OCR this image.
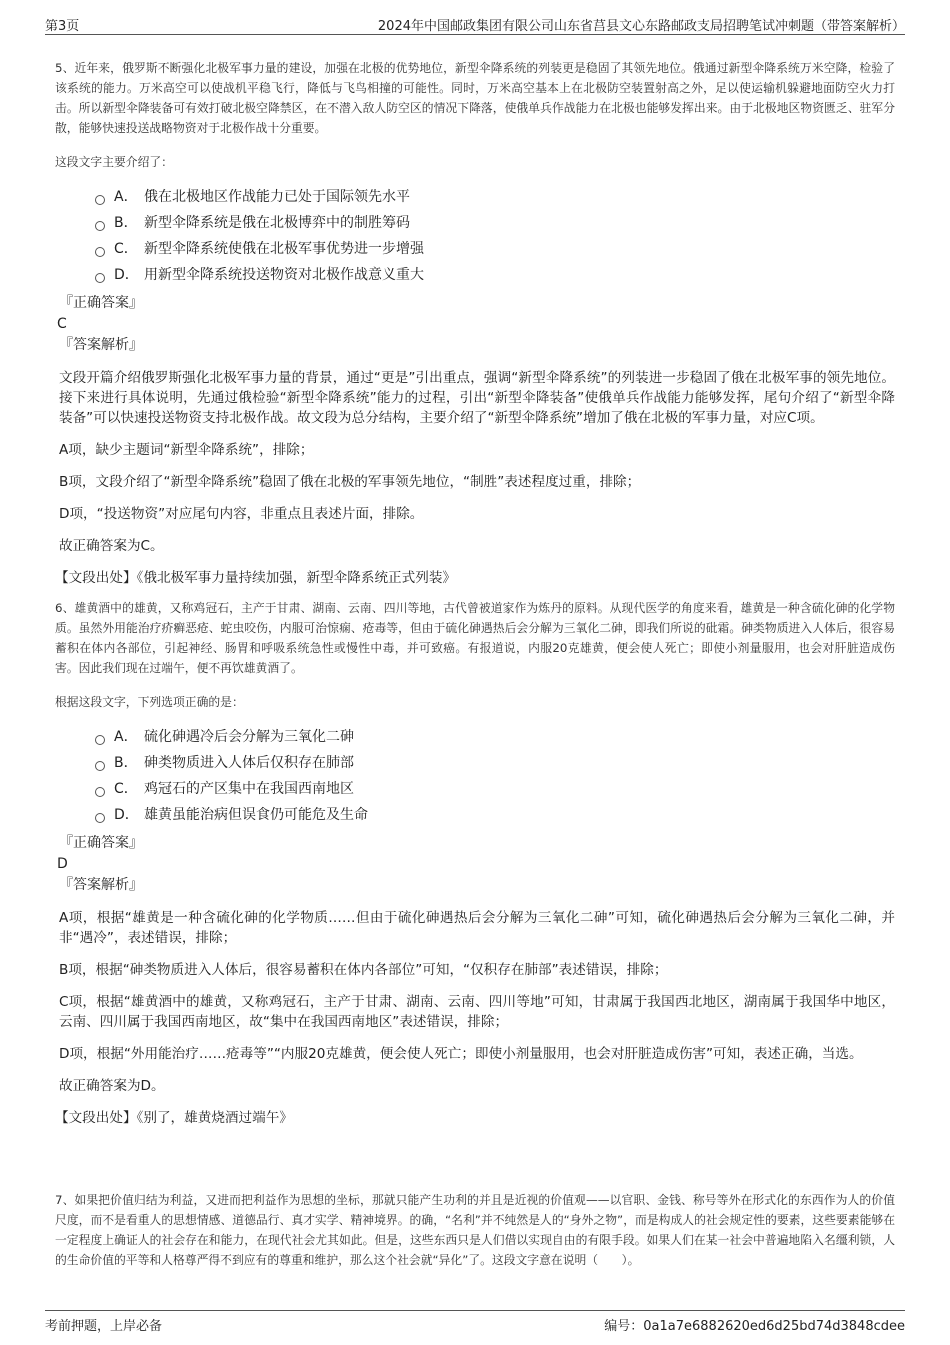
第3页	2024年中国邮政集团有限公司山东省莒县文心东路邮政支局招聘笔试冲刺题（带答案解析）

5、近年来，俄罗斯不断强化北极军事力量的建设，加强在北极的优势地位，新型伞降系统的列装更是稳固了其领先地位。俄通过新型伞降系统万米空降，检验了该系统的能力。万米高空可以使战机平稳飞行，降低与飞鸟相撞的可能性。同时，万米高空基本上在北极防空装置射高之外，足以使运输机躲避地面防空火力打击。所以新型伞降装备可有效打破北极空降禁区，在不潜入敌人防空区的情况下降落，使俄单兵作战能力在北极也能够发挥出来。由于北极地区物资匮乏、驻军分散，能够快速投送战略物资对于北极作战十分重要。

这段文字主要介绍了：

A． 俄在北极地区作战能力已处于国际领先水平
B． 新型伞降系统是俄在北极博弈中的制胜筹码
C． 新型伞降系统使俄在北极军事优势进一步增强
D． 用新型伞降系统投送物资对北极作战意义重大

『正确答案』

C

『答案解析』

文段开篇介绍俄罗斯强化北极军事力量的背景，通过“更是”引出重点，强调“新型伞降系统”的列装进一步稳固了俄在北极军事的领先地位。接下来进行具体说明，先通过俄检验“新型伞降系统”能力的过程，引出“新型伞降装备”使俄单兵作战能力能够发挥，尾句介绍了“新型伞降装备”可以快速投送物资支持北极作战。故文段为总分结构，主要介绍了“新型伞降系统”增加了俄在北极的军事力量，对应C项。

A项，缺少主题词“新型伞降系统”，排除；

B项，文段介绍了“新型伞降系统”稳固了俄在北极的军事领先地位，“制胜”表述程度过重，排除；

D项，“投送物资”对应尾句内容，非重点且表述片面，排除。

故正确答案为C。

【文段出处】《俄北极军事力量持续加强，新型伞降系统正式列装》

6、雄黄酒中的雄黄，又称鸡冠石，主产于甘肃、湖南、云南、四川等地，古代曾被道家作为炼丹的原料。从现代医学的角度来看，雄黄是一种含硫化砷的化学物质。虽然外用能治疗疥癣恶疮、蛇虫咬伤，内服可治惊痫、疮毒等，但由于硫化砷遇热后会分解为三氧化二砷，即我们所说的砒霜。砷类物质进入人体后，很容易蓄积在体内各部位，引起神经、肠胃和呼吸系统急性或慢性中毒，并可致癌。有报道说，内服20克雄黄，便会使人死亡；即使小剂量服用，也会对肝脏造成伤害。因此我们现在过端午，便不再饮雄黄酒了。

根据这段文字，下列选项正确的是：

A． 硫化砷遇冷后会分解为三氧化二砷
B． 砷类物质进入人体后仅积存在肺部
C． 鸡冠石的产区集中在我国西南地区
D． 雄黄虽能治病但误食仍可能危及生命

『正确答案』

D

『答案解析』

A项，根据“雄黄是一种含硫化砷的化学物质……但由于硫化砷遇热后会分解为三氧化二砷”可知，硫化砷遇热后会分解为三氧化二砷，并非“遇冷”，表述错误，排除；

B项，根据“砷类物质进入人体后，很容易蓄积在体内各部位”可知，“仅积存在肺部”表述错误，排除；

C项，根据“雄黄酒中的雄黄，又称鸡冠石，主产于甘肃、湖南、云南、四川等地”可知，甘肃属于我国西北地区，湖南属于我国华中地区，云南、四川属于我国西南地区，故“集中在我国西南地区”表述错误，排除；

D项，根据“外用能治疗……疮毒等”“内服20克雄黄，便会使人死亡；即使小剂量服用，也会对肝脏造成伤害”可知，表述正确，当选。

故正确答案为D。

【文段出处】《别了，雄黄烧酒过端午》

7、如果把价值归结为利益，又进而把利益作为思想的坐标，那就只能产生功利的并且是近视的价值观——以官职、金钱、称号等外在形式化的东西作为人的价值尺度，而不是看重人的思想情感、道德品行、真才实学、精神境界。的确，“名利”并不纯然是人的“身外之物”，而是构成人的社会规定性的要素，这些要素能够在一定程度上确证人的社会存在和能力，在现代社会尤其如此。但是，这些东西只是人们借以实现自由的有限手段。如果人们在某一社会中普遍地陷入名缰利锁，人的生命价值的平等和人格尊严得不到应有的尊重和维护，那么这个社会就“异化”了。这段文字意在说明（　　）。

考前押题，上岸必备	编号：0a1a7e6882620ed6d25bd74d3848cdee
